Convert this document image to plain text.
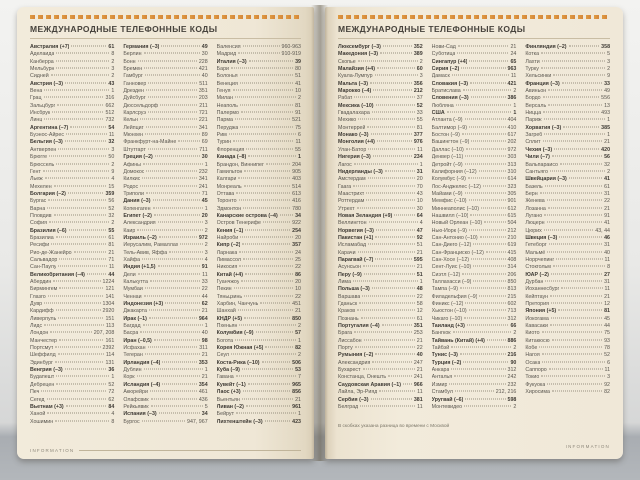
МЕЖДУНАРОДНЫЕ ТЕЛЕФОННЫЕ КОДЫ
Австралия (+7)	61
Аделаида	8
Канберра	2
Мельбурн	3
Сидней	2
Австрия (–3)	43
Вена	1
Грац	316
Зальцбург	662
Инсбрук	512
Линц	732
Аргентина (–7)	54
Буэнос-Айрес	11
Бельгия (–3)	32
Антверпен	3
Брюгге	50
Брюссель	2
Гент	9
Льеж	4
Мехелен	15
Болгария (–2)	359
Бургас	56
Варна	52
Пловдив	32
София	2
Бразилия (–6)	55
Бразилиа	61
Ресифи	81
Рио-де-Жанейро	21
Сальвадор	71
Сан-Паулу	11
Великобритания (–4)	44
Абердин	1224
Бирмингем	121
Глазго	141
Дувр	1304
Кардифф	2920
Ливерпуль	151
Лидс	113
Лондон	207, 208
Манчестер	161
Портсмут	2392
Шеффилд	114
Эдинбург	131
Венгрия (–3)	36
Будапешт	1
Дебрецен	52
Печ	72
Сегед	62
Вьетнам (+3)	84
Ханой	4
Хошимин	8
Германия (–3)	49
Берлин	30
Бонн	228
Бремен	421
Гамбург	40
Ганновер	511
Дрезден	351
Дуйсбург	203
Дюссельдорф	211
Карлсруэ	721
Кельн	221
Лейпциг	341
Мюнхен	89
Франкфурт-на-Майне	69
Штутгарт	711
Греция (–2)	30
Афины	1
Домокос	232
Килкис	341
Родос	241
Триполи	71
Дания (–3)	45
Копенгаген	1
Египет (–2)	20
Александрия	3
Каир	2
Израиль (–2)	972
Иерусалим, Рамаллах	2
Тель-Авив, Яффа	3
Хайфа	4
Индия (+1,5)	91
Дели	11
Калькутта	33
Мумбаи	22
Ченнаи	44
Индонезия (+3)	62
Джакарта	21
Ирак (–1)	964
Багдад	1
Басра	40
Иран (–0,5)	98
Исфахан	311
Тегеран	21
Ирландия (–4)	353
Дублин	1
Корк	21
Исландия (–4)	354
Акюрейри	461
Олафсвик	436
Рейкьявик	5
Испания (–3)	34
Бургос	947, 967
Валенсия	960-963
Мадрид	910-919
Италия (–3)	39
Бари	80
Болонья	51
Венеция	41
Генуя	10
Милан	2
Неаполь	81
Палермо	91
Парма	521
Перуджа	75
Рим	6
Турин	11
Флоренция	55
Канада (–8)	1
Брандон, Виннипег	204
Гамильтон	905
Калгари	403
Монреаль	514
Оттава	613
Торонто	416
Эдмонтон	780
Канарские острова (–4)	34
Остров Тенерифе	922
Кения (–1)	254
Найроби	20
Кипр (–2)	357
Ларнака	24
Лимассол	25
Никосия	22
Китай (+4)	86
Гуанчжоу	20
Пекин	10
Тяньцзинь	22
Харбин, Чанчунь	451
Шанхай	21
КНДР (+5)	850
Пхеньян	2
Колумбия (–9)	57
Богота	1
Корея Южная (+5)	82
Сеул	2
Коста-Рика (–10)	506
Куба (–9)	53
Гавана	7
Кувейт (–1)	965
Лаос (+3)	856
Вьентьян	21
Ливан (–2)	961
Бейрут	1
Лихтенштейн (–3)	423
INFORMATION
МЕЖДУНАРОДНЫЕ ТЕЛЕФОННЫЕ КОДЫ
Люксембург (–3)	352
Македония (–3)	389
Скопье	2
Малайзия (+4)	60
Куала-Лумпур	3
Мальта (–3)	356
Марокко (–4)	212
Рабат	37
Мексика (–10)	52
Гвадалахара	33
Мехико	55
Монтеррей	81
Монако (–3)	377
Монголия (+4)	976
Улан-Батор	11
Нигерия (–3)	234
Лагос	1
Нидерланды (–3)	31
Амстердам	20
Гаага	70
Маастрихт	43
Роттердам	10
Утрехт	30
Новая Зеландия (+9)	64
Веллингтон	4
Норвегия (–3)	47
Пакистан (+1)	92
Исламабад	51
Карачи	21
Парагвай (–7)	595
Асунсьон	21
Перу (–9)	51
Лима	1
Польша (–3)	48
Варшава	22
Гданьск	58
Краков	12
Познань	61
Португалия (–4)	351
Брага	253
Лиссабон	21
Порту	22
Румыния (–2)	40
Александрия	247
Бухарест	21
Констанца, Онешть	241
Саудовская Аравия (–1) 966
Лайла, Эр-Рияд	11
Сербия (–3)	381
Белград	11
Нови-Сад	21
Суботица	24
Сингапур (+4)	65
Сирия (–2)	963
Дамаск	11
Словакия (–3)	421
Братислава	2
Словения (–3)	386
Любляна	1
США	1
Атланта (–9)	404
Балтимор (–9)	410
Бостон (–9)	617
Вашингтон (–9)	202
Даллас (–10)	972
Денвер (–11)	303
Детройт (–9)	313
Калифорния (–12)	310
Колумбус (–9)	614
Лос-Анджелес (–12)	323
Майами (–9)	305
Мемфис (–10)	901
Миннеаполис (–10)	612
Нашвилл (–10)	615
Новый Орлеан (–10)	504
Нью-Йорк (–9)	212
Сан-Антонио (–10)	210
Сан-Диего (–12)	619
Сан-Франциско (–12)	415
Сан-Хосе (–12)	408
Сент-Луис (–10)	314
Сиэтл (–12)	206
Таллахасси (–9)	850
Тампа (–9)	813
Филадельфия (–9)	215
Финикс (–12)	602
Хьюстон (–10)	713
Чикаго (–10)	312
Таиланд (+3)	66
Бангкок	2
Тайвань (Китай) (+4)	886
Тайбэй	2
Тунис (–3)	216
Турция (–2)	90
Анкара	312
Анталья	242
Измир	232
Стамбул	212, 216
Уругвай (–6)	598
Монтевидео	2
Финляндия (–2)	358
Котка	5
Лахти	3
Турку	2
Хельсинки	9
Франция (–3)	33
Авиньон	49
Бордо	556
Версаль	13
Ницца	493
Париж	1
Хорватия (–3)	385
Загреб	1
Сплит	21
Чехия (–3)	420
Чили (–7)	56
Вальпараисо	32
Сантьяго	2
Швейцария (–3)	41
Базель	61
Берн	31
Женева	22
Лозанна	21
Лугано	91
Люцерн	41
Цюрих	43, 44
Швеция (–3)	46
Гетеборг	31
Мальмё	40
Норрчепинг	11
Стокгольм	8
ЮАР (–2)	27
Дурбан	31
Йоханнесбург	11
Кейптаун	21
Претория	12
Япония (+5)	81
Иокогама	45
Кавасаки	44
Киото	75
Китакюсю	93
Кобе	78
Нагоя	52
Осака	6
Саппоро	11
Токио	3
Фукуока	92
Хиросима	82
В скобках указана разница во времени с Москвой
INFORMATION
